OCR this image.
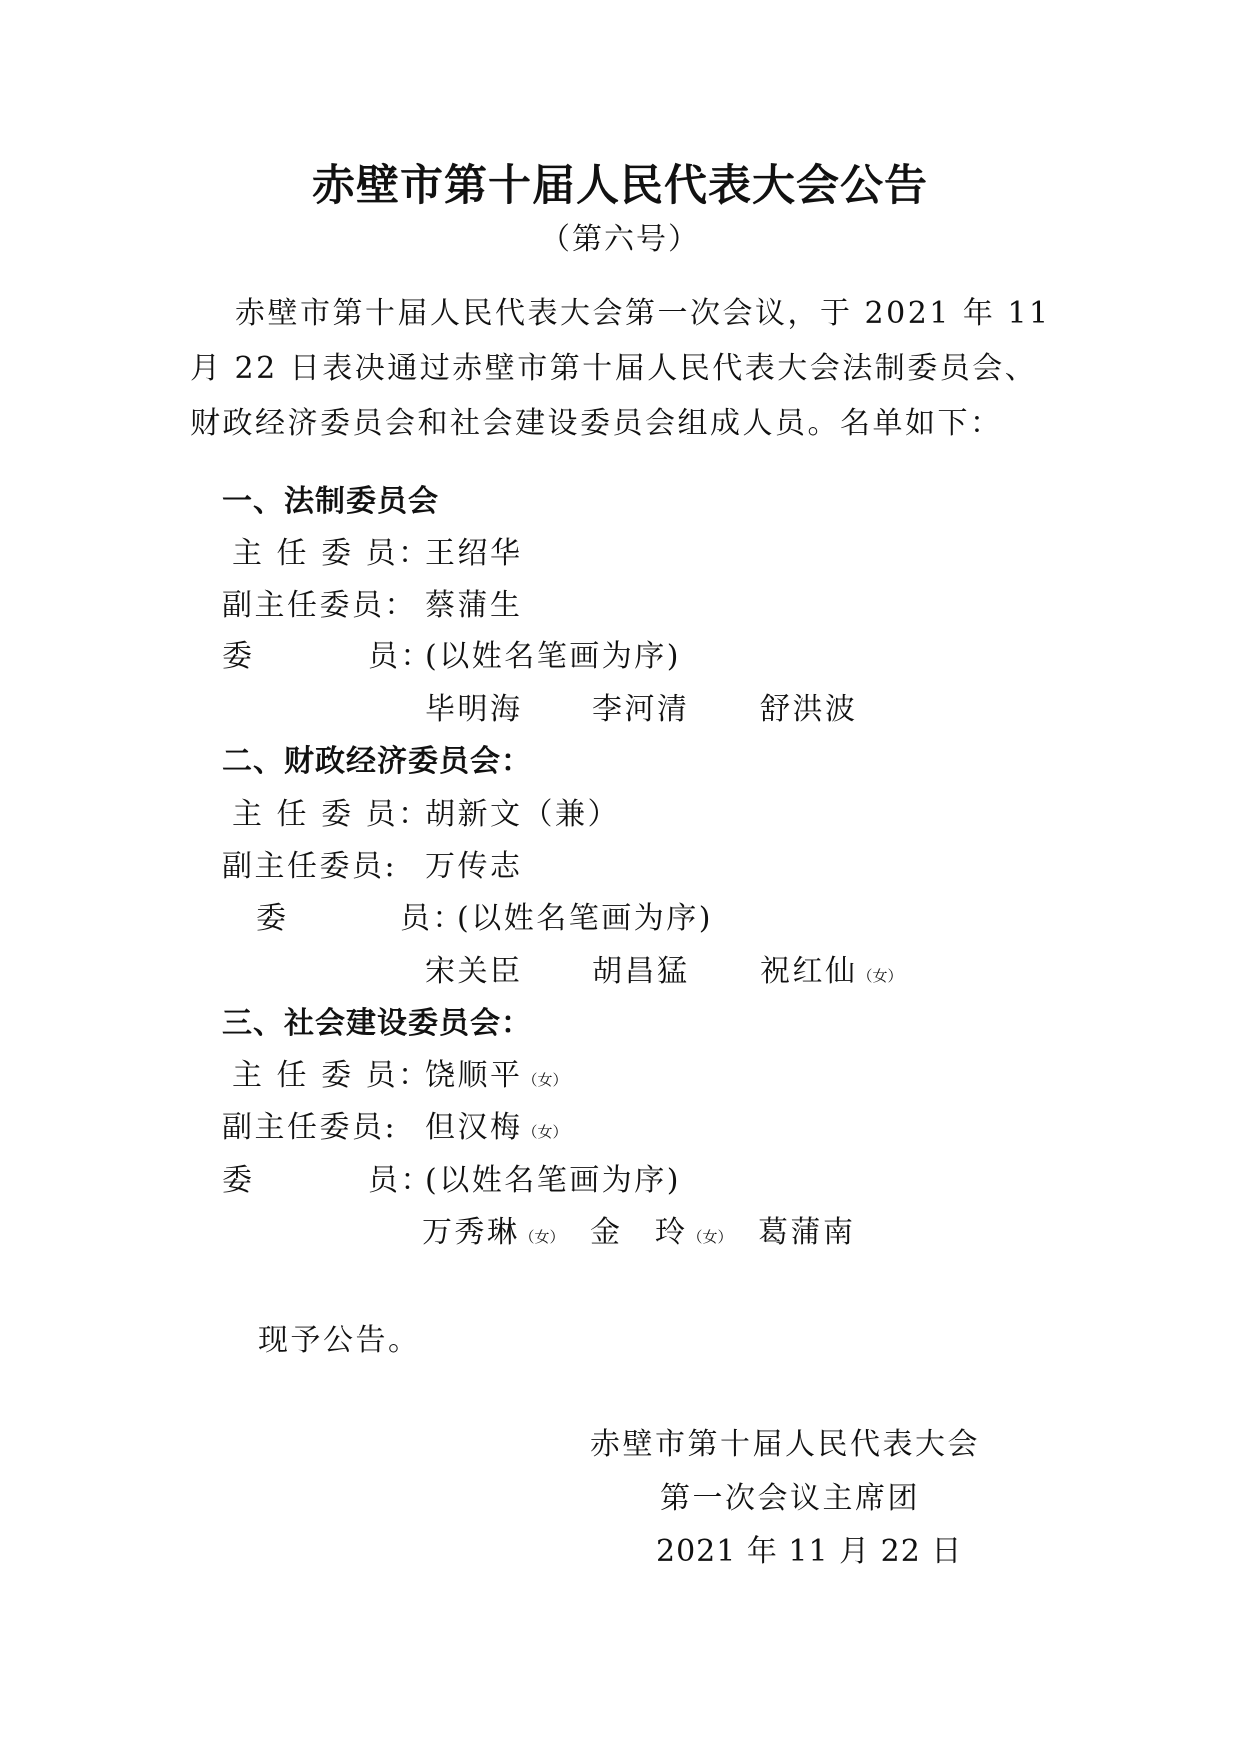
赤壁市第十届人民代表大会公告
（第六号）
赤壁市第十届人民代表大会第一次会议，于 2021 年 11
月 22 日表决通过赤壁市第十届人民代表大会法制委员会、
财政经济委员会和社会建设委员会组成人员。名单如下：
一、法制委员会
主 任 委 员：
王绍华
副主任委员： 蔡蒲生
委	员：
(以姓名笔画为序)
毕明海 李河清 舒洪波
二、财政经济委员会：
主 任 委 员：
胡新文（兼）
副主任委员: 万传志
委	员：
(以姓名笔画为序)
宋关臣 胡昌猛 祝红仙（女）
三、社会建设委员会：
主 任 委 员：
饶顺平（女）
副主任委员: 但汉梅（女）
委	员：
(以姓名笔画为序)
万秀琳（女） 金　玲（女） 葛蒲南
现予公告。
赤壁市第十届人民代表大会
第一次会议主席团
2021 年 11 月 22 日
